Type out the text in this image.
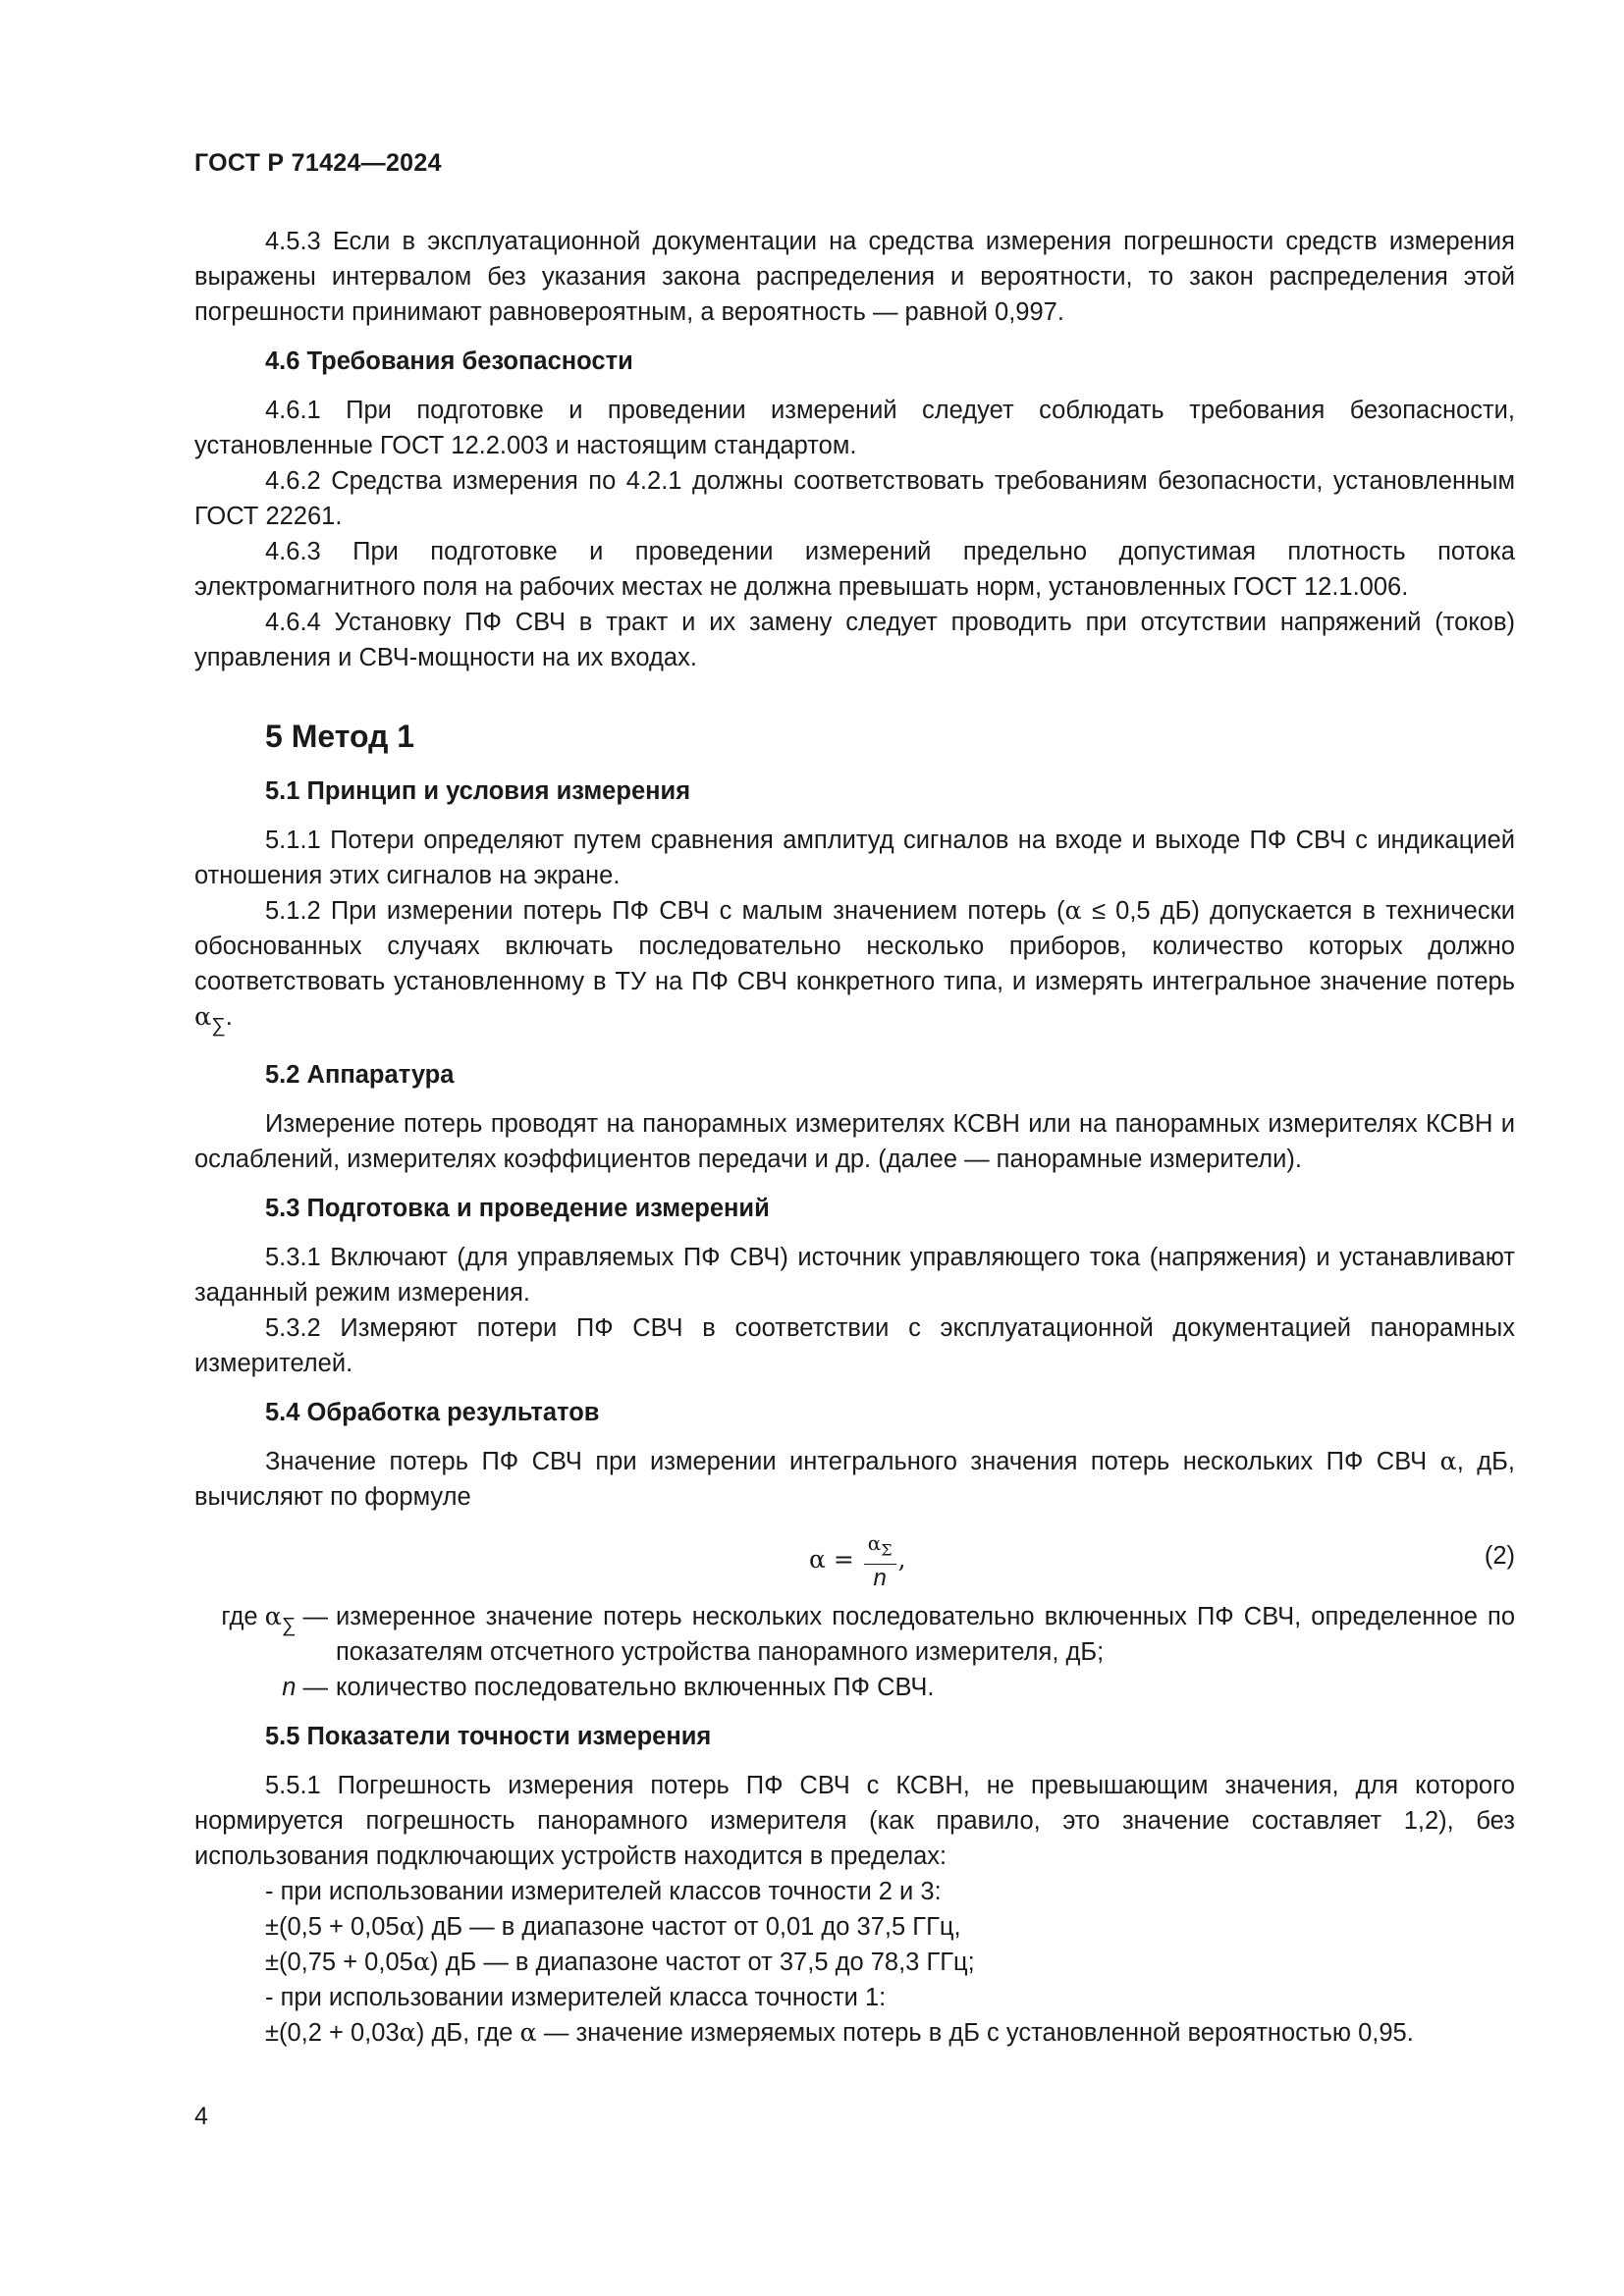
ГОСТ Р 71424—2024

4.5.3 Если в эксплуатационной документации на средства измерения погрешности средств измерения выражены интервалом без указания закона распределения и вероятности, то закон распределения этой погрешности принимают равновероятным, а вероятность — равной 0,997.

4.6 Требования безопасности

4.6.1 При подготовке и проведении измерений следует соблюдать требования безопасности, установленные ГОСТ 12.2.003 и настоящим стандартом.

4.6.2 Средства измерения по 4.2.1 должны соответствовать требованиям безопасности, установленным ГОСТ 22261.

4.6.3 При подготовке и проведении измерений предельно допустимая плотность потока электромагнитного поля на рабочих местах не должна превышать норм, установленных ГОСТ 12.1.006.

4.6.4 Установку ПФ СВЧ в тракт и их замену следует проводить при отсутствии напряжений (токов) управления и СВЧ-мощности на их входах.

5 Метод 1

5.1 Принцип и условия измерения

5.1.1 Потери определяют путем сравнения амплитуд сигналов на входе и выходе ПФ СВЧ с индикацией отношения этих сигналов на экране.

5.1.2 При измерении потерь ПФ СВЧ с малым значением потерь (α ≤ 0,5 дБ) допускается в технически обоснованных случаях включать последовательно несколько приборов, количество которых должно соответствовать установленному в ТУ на ПФ СВЧ конкретного типа, и измерять интегральное значение потерь $\alpha_\sum$.

5.2 Аппаратура

Измерение потерь проводят на панорамных измерителях КСВН или на панорамных измерителях КСВН и ослаблений, измерителях коэффициентов передачи и др. (далее — панорамные измерители).

5.3 Подготовка и проведение измерений

5.3.1 Включают (для управляемых ПФ СВЧ) источник управляющего тока (напряжения) и устанавливают заданный режим измерения.

5.3.2 Измеряют потери ПФ СВЧ в соответствии с эксплуатационной документацией панорамных измерителей.

5.4 Обработка результатов

Значение потерь ПФ СВЧ при измерении интегрального значения потерь нескольких ПФ СВЧ α, дБ, вычисляют по формуле

$\alpha = \frac{\alpha_\Sigma}{n}$ ,	(2)
где $\alpha_\sum$ — измеренное значение потерь нескольких последовательно включенных ПФ СВЧ, определенное по показателям отсчетного устройства панорамного измерителя, дБ;
n — количество последовательно включенных ПФ СВЧ.

5.5 Показатели точности измерения

5.5.1 Погрешность измерения потерь ПФ СВЧ с КСВН, не превышающим значения, для которого нормируется погрешность панорамного измерителя (как правило, это значение составляет 1,2), без использования подключающих устройств находится в пределах:

- при использовании измерителей классов точности 2 и 3:

±(0,5 + 0,05α) дБ — в диапазоне частот от 0,01 до 37,5 ГГц,

±(0,75 + 0,05α) дБ — в диапазоне частот от 37,5 до 78,3 ГГц;

- при использовании измерителей класса точности 1:

±(0,2 + 0,03α) дБ, где α — значение измеряемых потерь в дБ с установленной вероятностью 0,95.

4
